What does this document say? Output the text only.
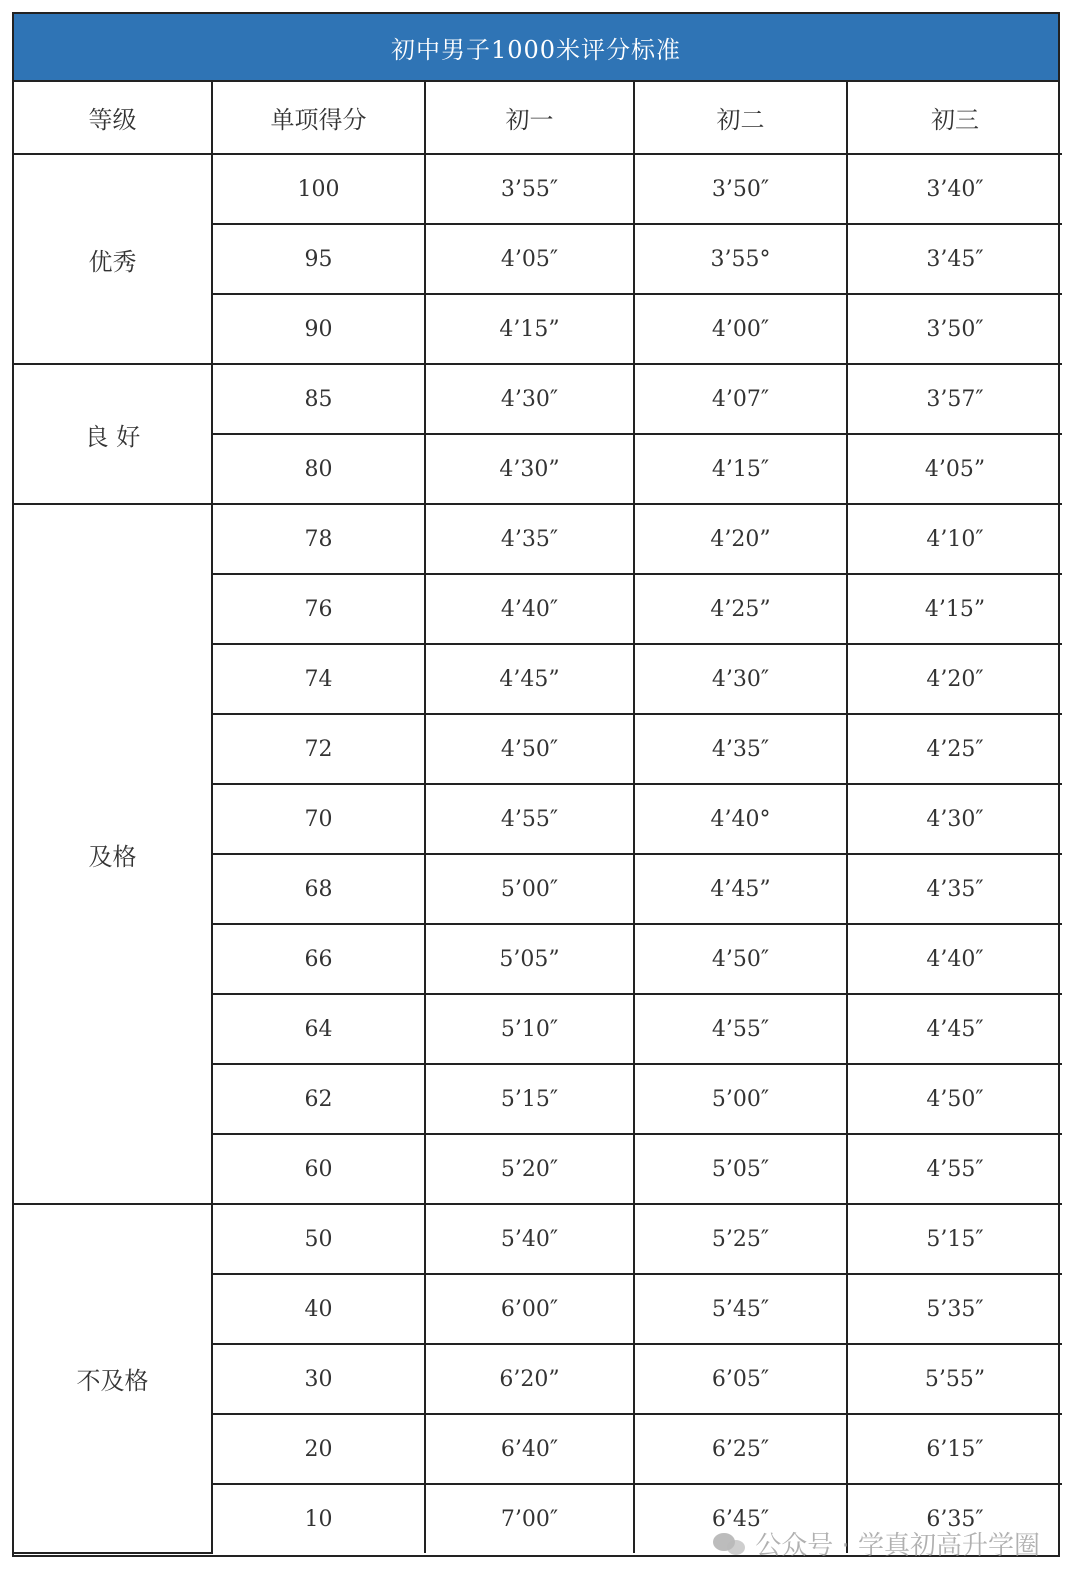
初中男子1000米评分标准
等级	单项得分	初一	初二	初三
优秀	100	3’55″	3’50″	3’40″
	95	4’05″	3’55°	3’45″
	90	4’15”	4’00″	3’50″
良 好	85	4’30″	4’07″	3’57″
	80	4’30”	4’15″	4’05”
及格	78	4’35″	4’20”	4’10″
	76	4’40″	4’25”	4’15”
	74	4’45”	4’30″	4’20″
	72	4’50″	4’35″	4’25″
	70	4’55″	4’40°	4’30″
	68	5’00″	4’45”	4’35″
	66	5’05”	4’50″	4’40″
	64	5’10″	4’55″	4’45″
	62	5’15″	5’00″	4’50″
	60	5’20″	5’05″	4’55″
不及格	50	5’40″	5’25″	5’15″
	40	6’00″	5’45″	5’35″
	30	6’20”	6’05″	5’55”
	20	6’40″	6’25″	6’15″
	10	7’00″	6’45″	6’35″
公众号 · 学真初高升学圈
